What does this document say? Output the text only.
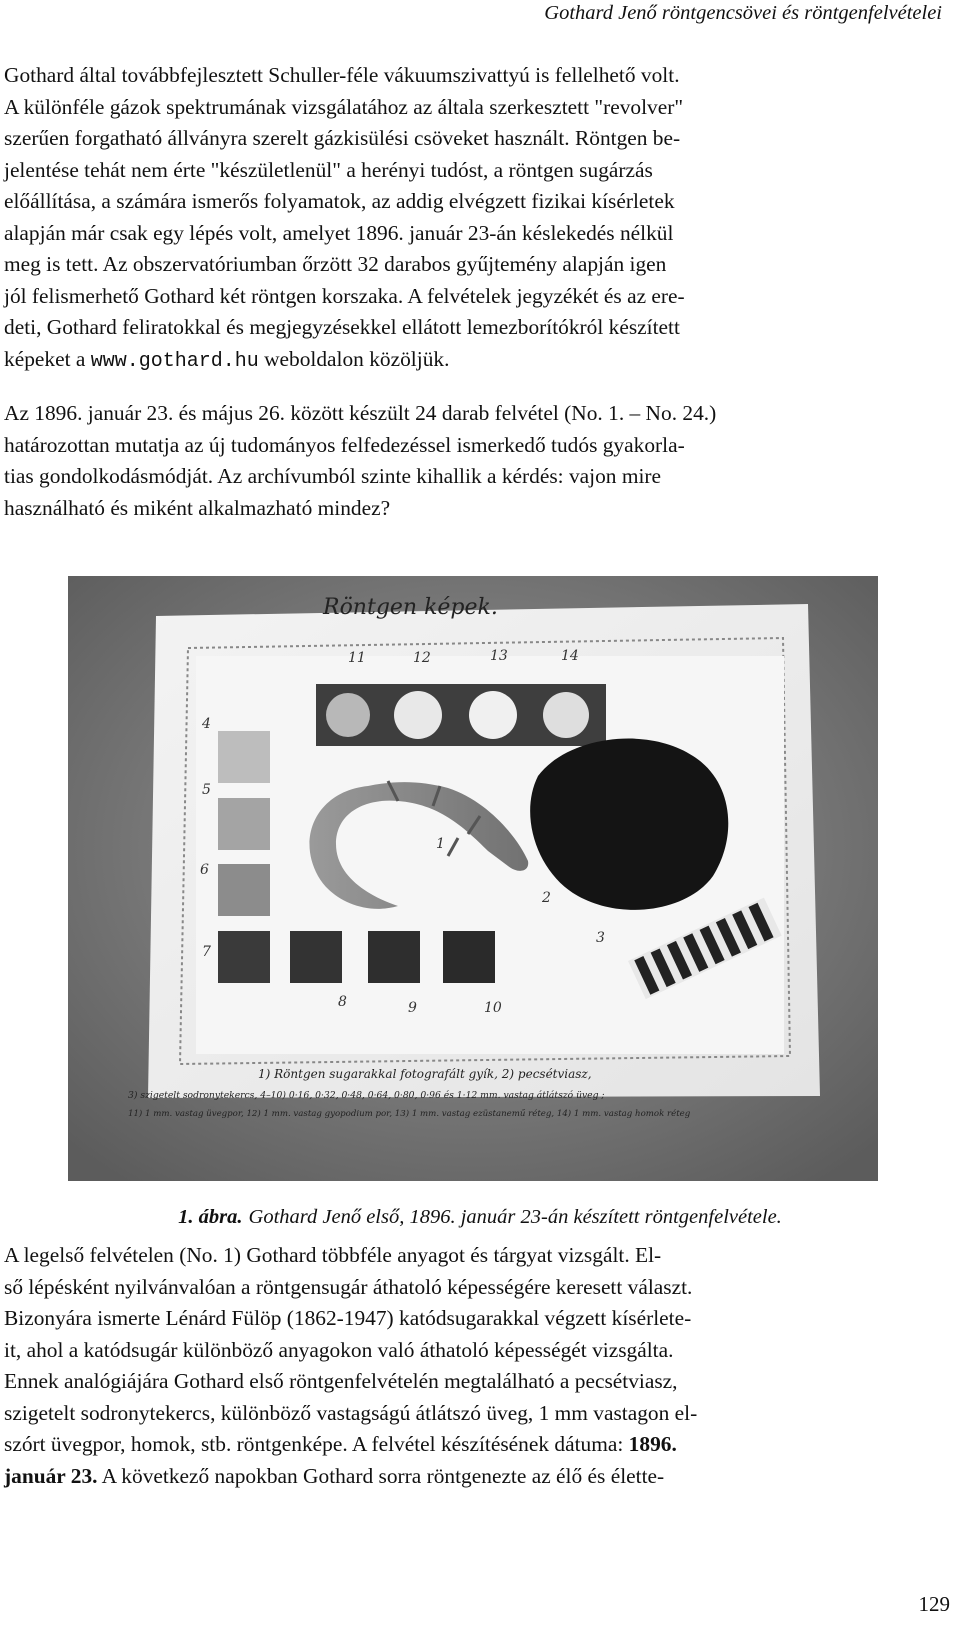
Gothard Jenő röntgencsövei és röntgenfelvételei
Gothard által továbbfejlesztett Schuller-féle vákuumszivattyú is fellelhető volt.
A különféle gázok spektrumának vizsgálatához az általa szerkesztett "revolver"
szerűen forgatható állványra szerelt gázkisülési csöveket használt. Röntgen be-
jelentése tehát nem érte "készületlenül" a herényi tudóst, a röntgen sugárzás
előállítása, a számára ismerős folyamatok, az addig elvégzett fizikai kísérletek
alapján már csak egy lépés volt, amelyet 1896. január 23-án késlekedés nélkül
meg is tett. Az obszervatóriumban őrzött 32 darabos gyűjtemény alapján igen
jól felismerhető Gothard két röntgen korszaka. A felvételek jegyzékét és az ere-
deti, Gothard feliratokkal és megjegyzésekkel ellátott lemezborítókról készített
képeket a www.gothard.hu weboldalon közöljük.
Az 1896. január 23. és május 26. között készült 24 darab felvétel (No. 1. – No. 24.)
határozottan mutatja az új tudományos felfedezéssel ismerkedő tudós gyakorla-
tias gondolkodásmódját. Az archívumból szinte kihallik a kérdés: vajon mire
használható és miként alkalmazható mindez?
Röntgen képek.
11	12	13	14
4
5
6
7
8	9	10
1
2
3
1) Röntgen sugarakkal fotografált gyík, 2) pecsétviasz,
3) szigetelt sodronytekercs, 4–10) 0·16, 0·32, 0·48, 0·64, 0·80, 0·96 és 1·12 mm. vastag átlátszó üveg ;
11) 1 mm. vastag üvegpor, 12) 1 mm. vastag gyopodium por, 13) 1 mm. vastag ezüstanemű réteg, 14) 1 mm. vastag homok réteg
1. ábra. Gothard Jenő első, 1896. január 23-án készített röntgenfelvétele.
A legelső felvételen (No. 1) Gothard többféle anyagot és tárgyat vizsgált. El-
ső lépésként nyilvánvalóan a röntgensugár áthatoló képességére keresett választ.
Bizonyára ismerte Lénárd Fülöp (1862-1947) katódsugarakkal végzett kísérlete-
it, ahol a katódsugár különböző anyagokon való áthatoló képességét vizsgálta.
Ennek analógiájára Gothard első röntgenfelvételén megtalálható a pecsétviasz,
szigetelt sodronytekercs, különböző vastagságú átlátszó üveg, 1 mm vastagon el-
szórt üvegpor, homok, stb. röntgenképe. A felvétel készítésének dátuma: 1896.
január 23. A következő napokban Gothard sorra röntgenezte az élő és élette-
129
